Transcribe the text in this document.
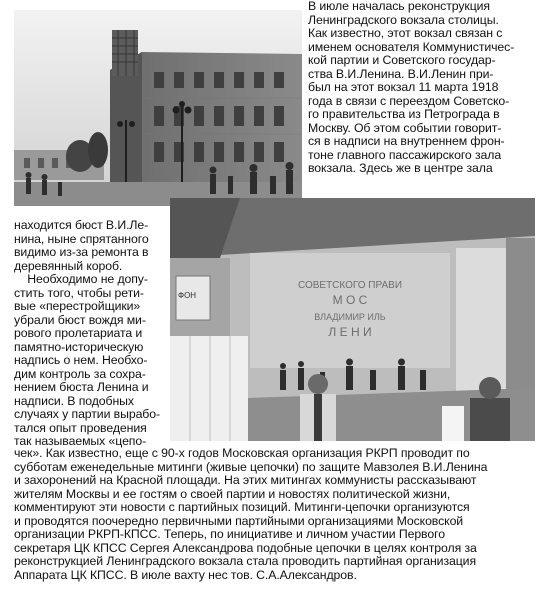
ФОН
СОВЕТСКОГО ПРАВИ
М О С
ВЛАДИМИР ИЛЬ
Л Е Н И
В июле началась реконструкция
Ленинградского вокзала столицы.
Как известно, этот вокзал связан с
именем основателя Коммунистичес-
кой партии и Советского государ-
ства В.И.Ленина. В.И.Ленин при-
был на этот вокзал 11 марта 1918
года в связи с переездом Советско-
го правительства из Петрограда в
Москву. Об этом событии говорит-
ся в надписи на внутреннем фрон-
тоне главного пассажирского зала
вокзала. Здесь же в центре зала
находится бюст В.И.Ле-
нина, ныне спрятанного
видимо из-за ремонта в
деревянный короб.
Необходимо не допу-
стить того, чтобы рети-
вые «перестройщики»
убрали бюст вождя ми-
рового пролетариата и
памятно-историческую
надпись о нем. Необхо-
дим контроль за сохра-
нением бюста Ленина и
надписи. В подобных
случаях у партии вырабо-
тался опыт проведения
так называемых «цепо-
чек». Как известно, еще с 90-х годов Московская организация РКРП проводит по
субботам еженедельные митинги (живые цепочки) по защите Мавзолея В.И.Ленина
и захоронений на Красной площади. На этих митингах коммунисты рассказывают
жителям Москвы и ее гостям о своей партии и новостях политической жизни,
комментируют эти новости с партийных позиций. Митинги-цепочки организуются
и проводятся поочередно первичными партийными организациями Московской
организации РКРП-КПСС. Теперь, по инициативе и личном участии Первого
секретаря ЦК КПСС Сергея Александрова подобные цепочки в целях контроля за
реконструкцией Ленинградского вокзала стала проводить партийная организация
Аппарата ЦК КПСС. В июле вахту нес тов. С.А.Александров.
